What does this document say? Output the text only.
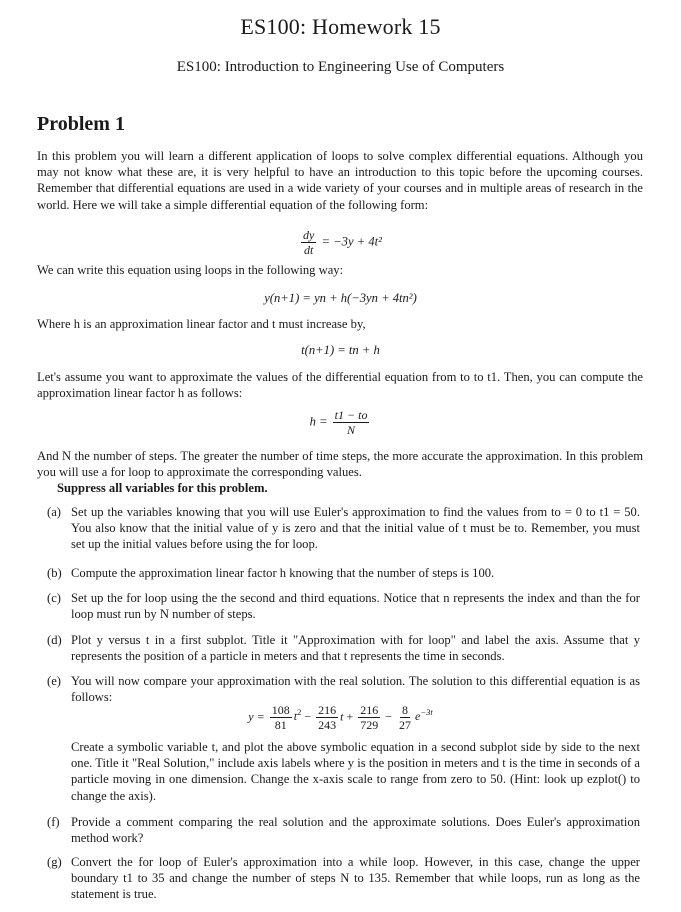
ES100: Homework 15
ES100: Introduction to Engineering Use of Computers
Problem 1
In this problem you will learn a different application of loops to solve complex differential equations. Although you may not know what these are, it is very helpful to have an introduction to this topic before the upcoming courses. Remember that differential equations are used in a wide variety of your courses and in multiple areas of research in the world. Here we will take a simple differential equation of the following form:
$\frac{dy}{dt} = -3y + 4t^2$
We can write this equation using loops in the following way:
y(n+1) = yn + h(−3yn + 4tn²)
Where h is an approximation linear factor and t must increase by,
t(n+1) = tn + h
Let's assume you want to approximate the values of the differential equation from to to t1. Then, you can compute the approximation linear factor h as follows:
$h = \frac{t1 - to}{N}$
And N the number of steps. The greater the number of time steps, the more accurate the approximation. In this problem you will use a for loop to approximate the corresponding values.
Suppress all variables for this problem.
(a) Set up the variables knowing that you will use Euler's approximation to find the values from to = 0 to t1 = 50. You also know that the initial value of y is zero and that the initial value of t must be to. Remember, you must set up the initial values before using the for loop.
(b) Compute the approximation linear factor h knowing that the number of steps is 100.
(c) Set up the for loop using the the second and third equations. Notice that n represents the index and than the for loop must run by N number of steps.
(d) Plot y versus t in a first subplot. Title it "Approximation with for loop" and label the axis. Assume that y represents the position of a particle in meters and that t represents the time in seconds.
(e) You will now compare your approximation with the real solution. The solution to this differential equation is as follows:
$y = \frac{108}{81} t^2 - \frac{216}{243}$ $t + \frac{216}{729} - \frac{8}{27} e^{-3t}$
Create a symbolic variable t, and plot the above symbolic equation in a second subplot side by side to the next one. Title it "Real Solution," include axis labels where y is the position in meters and t is the time in seconds of a particle moving in one dimension. Change the x-axis scale to range from zero to 50. (Hint: look up ezplot() to change the axis).
(f) Provide a comment comparing the real solution and the approximate solutions. Does Euler's approximation method work?
(g) Convert the for loop of Euler's approximation into a while loop. However, in this case, change the upper boundary t1 to 35 and change the number of steps N to 135. Remember that while loops, run as long as the statement is true.
